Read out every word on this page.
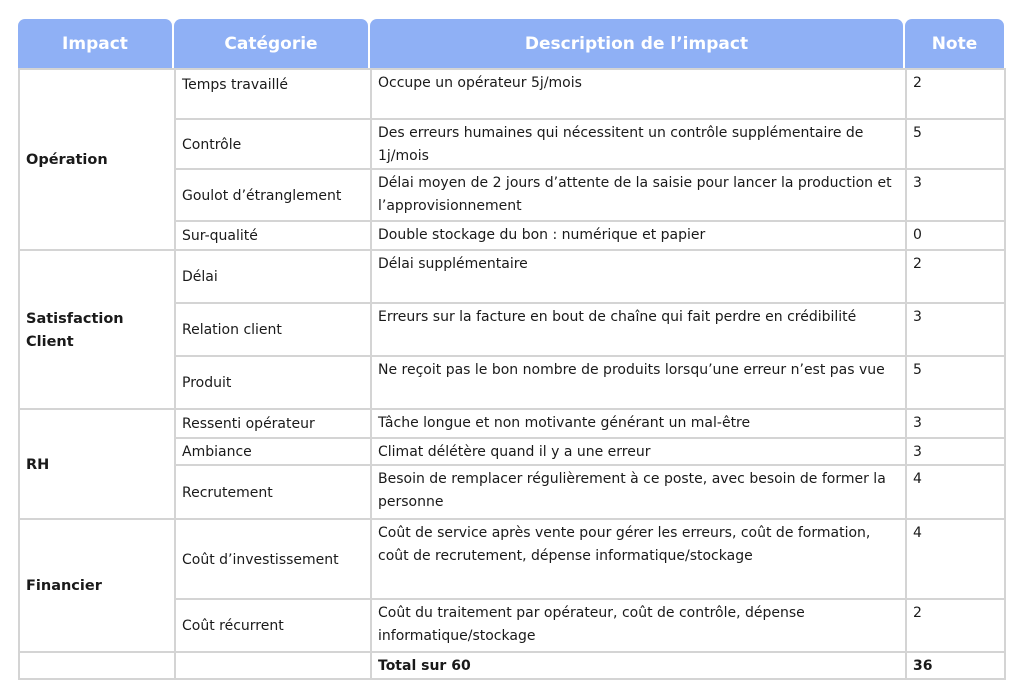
Impact	Catégorie	Description de l’impact	Note
Opération	Temps travaillé	Occupe un opérateur 5j/mois	2
	Contrôle	Des erreurs humaines qui nécessitent un contrôle supplémentaire de 1j/mois	5
	Goulot d’étranglement	Délai moyen de 2 jours d’attente de la saisie pour lancer la production et l’approvisionnement	3
	Sur-qualité	Double stockage du bon : numérique et papier	0
Satisfaction Client	Délai	Délai supplémentaire	2
	Relation client	Erreurs sur la facture en bout de chaîne qui fait perdre en crédibilité	3
	Produit	Ne reçoit pas le bon nombre de produits lorsqu’une erreur n’est pas vue	5
RH	Ressenti opérateur	Tâche longue et non motivante générant un mal-être	3
	Ambiance	Climat délétère quand il y a une erreur	3
	Recrutement	Besoin de remplacer régulièrement à ce poste, avec besoin de former la personne	4
Financier	Coût d’investissement	Coût de service après vente pour gérer les erreurs, coût de formation, coût de recrutement, dépense informatique/stockage	4
	Coût récurrent	Coût du traitement par opérateur, coût de contrôle, dépense informatique/stockage	2
		Total sur 60	36
